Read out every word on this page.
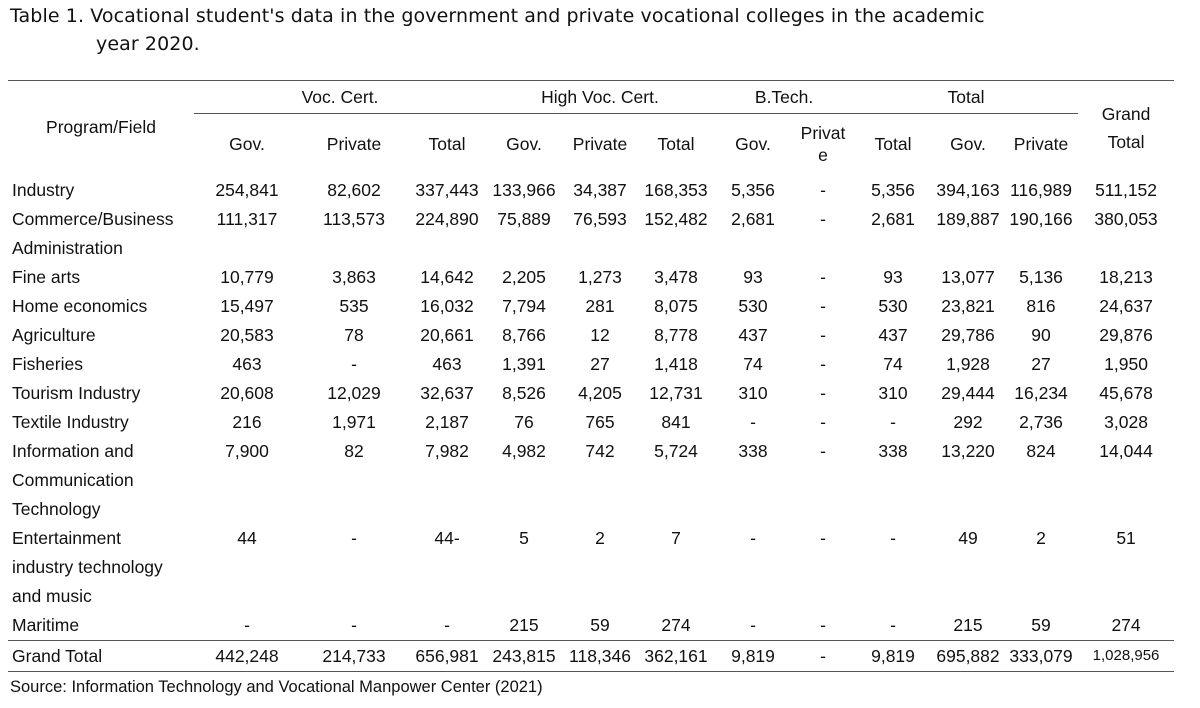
Table 1. Vocational student's data in the government and private vocational colleges in the academic
year 2020.
Program/Field	Voc. Cert.			High Voc. Cert.			B.Tech.		Total			Grand
Total

	Gov.	Private	Total	Gov.	Private	Total	Gov.	Privat e	Total	Gov.	Private	

Industry	254,841	82,602	337,443	133,966	34,387	168,353	5,356	-	5,356	394,163	116,989	511,152

Commerce/Business
Administration	111,317	113,573	224,890	75,889	76,593	152,482	2,681	-	2,681	189,887	190,166	380,053

Fine arts	10,779	3,863	14,642	2,205	1,273	3,478	93	-	93	13,077	5,136	18,213

Home economics	15,497	535	16,032	7,794	281	8,075	530	-	530	23,821	816	24,637

Agriculture	20,583	78	20,661	8,766	12	8,778	437	-	437	29,786	90	29,876

Fisheries	463	-	463	1,391	27	1,418	74	-	74	1,928	27	1,950

Tourism Industry	20,608	12,029	32,637	8,526	4,205	12,731	310	-	310	29,444	16,234	45,678

Textile Industry	216	1,971	2,187	76	765	841	-	-	-	292	2,736	3,028

Information and
Communication
Technology	7,900	82	7,982	4,982	742	5,724	338	-	338	13,220	824	14,044

Entertainment
industry technology
and music	44	-	44-	5	2	7	-	-	-	49	2	51

Maritime	-	-	-	215	59	274	-	-	-	215	59	274
Grand Total	442,248	214,733	656,981	243,815	118,346	362,161	9,819	-	9,819	695,882	333,079	1,028,956
Source: Information Technology and Vocational Manpower Center (2021)
